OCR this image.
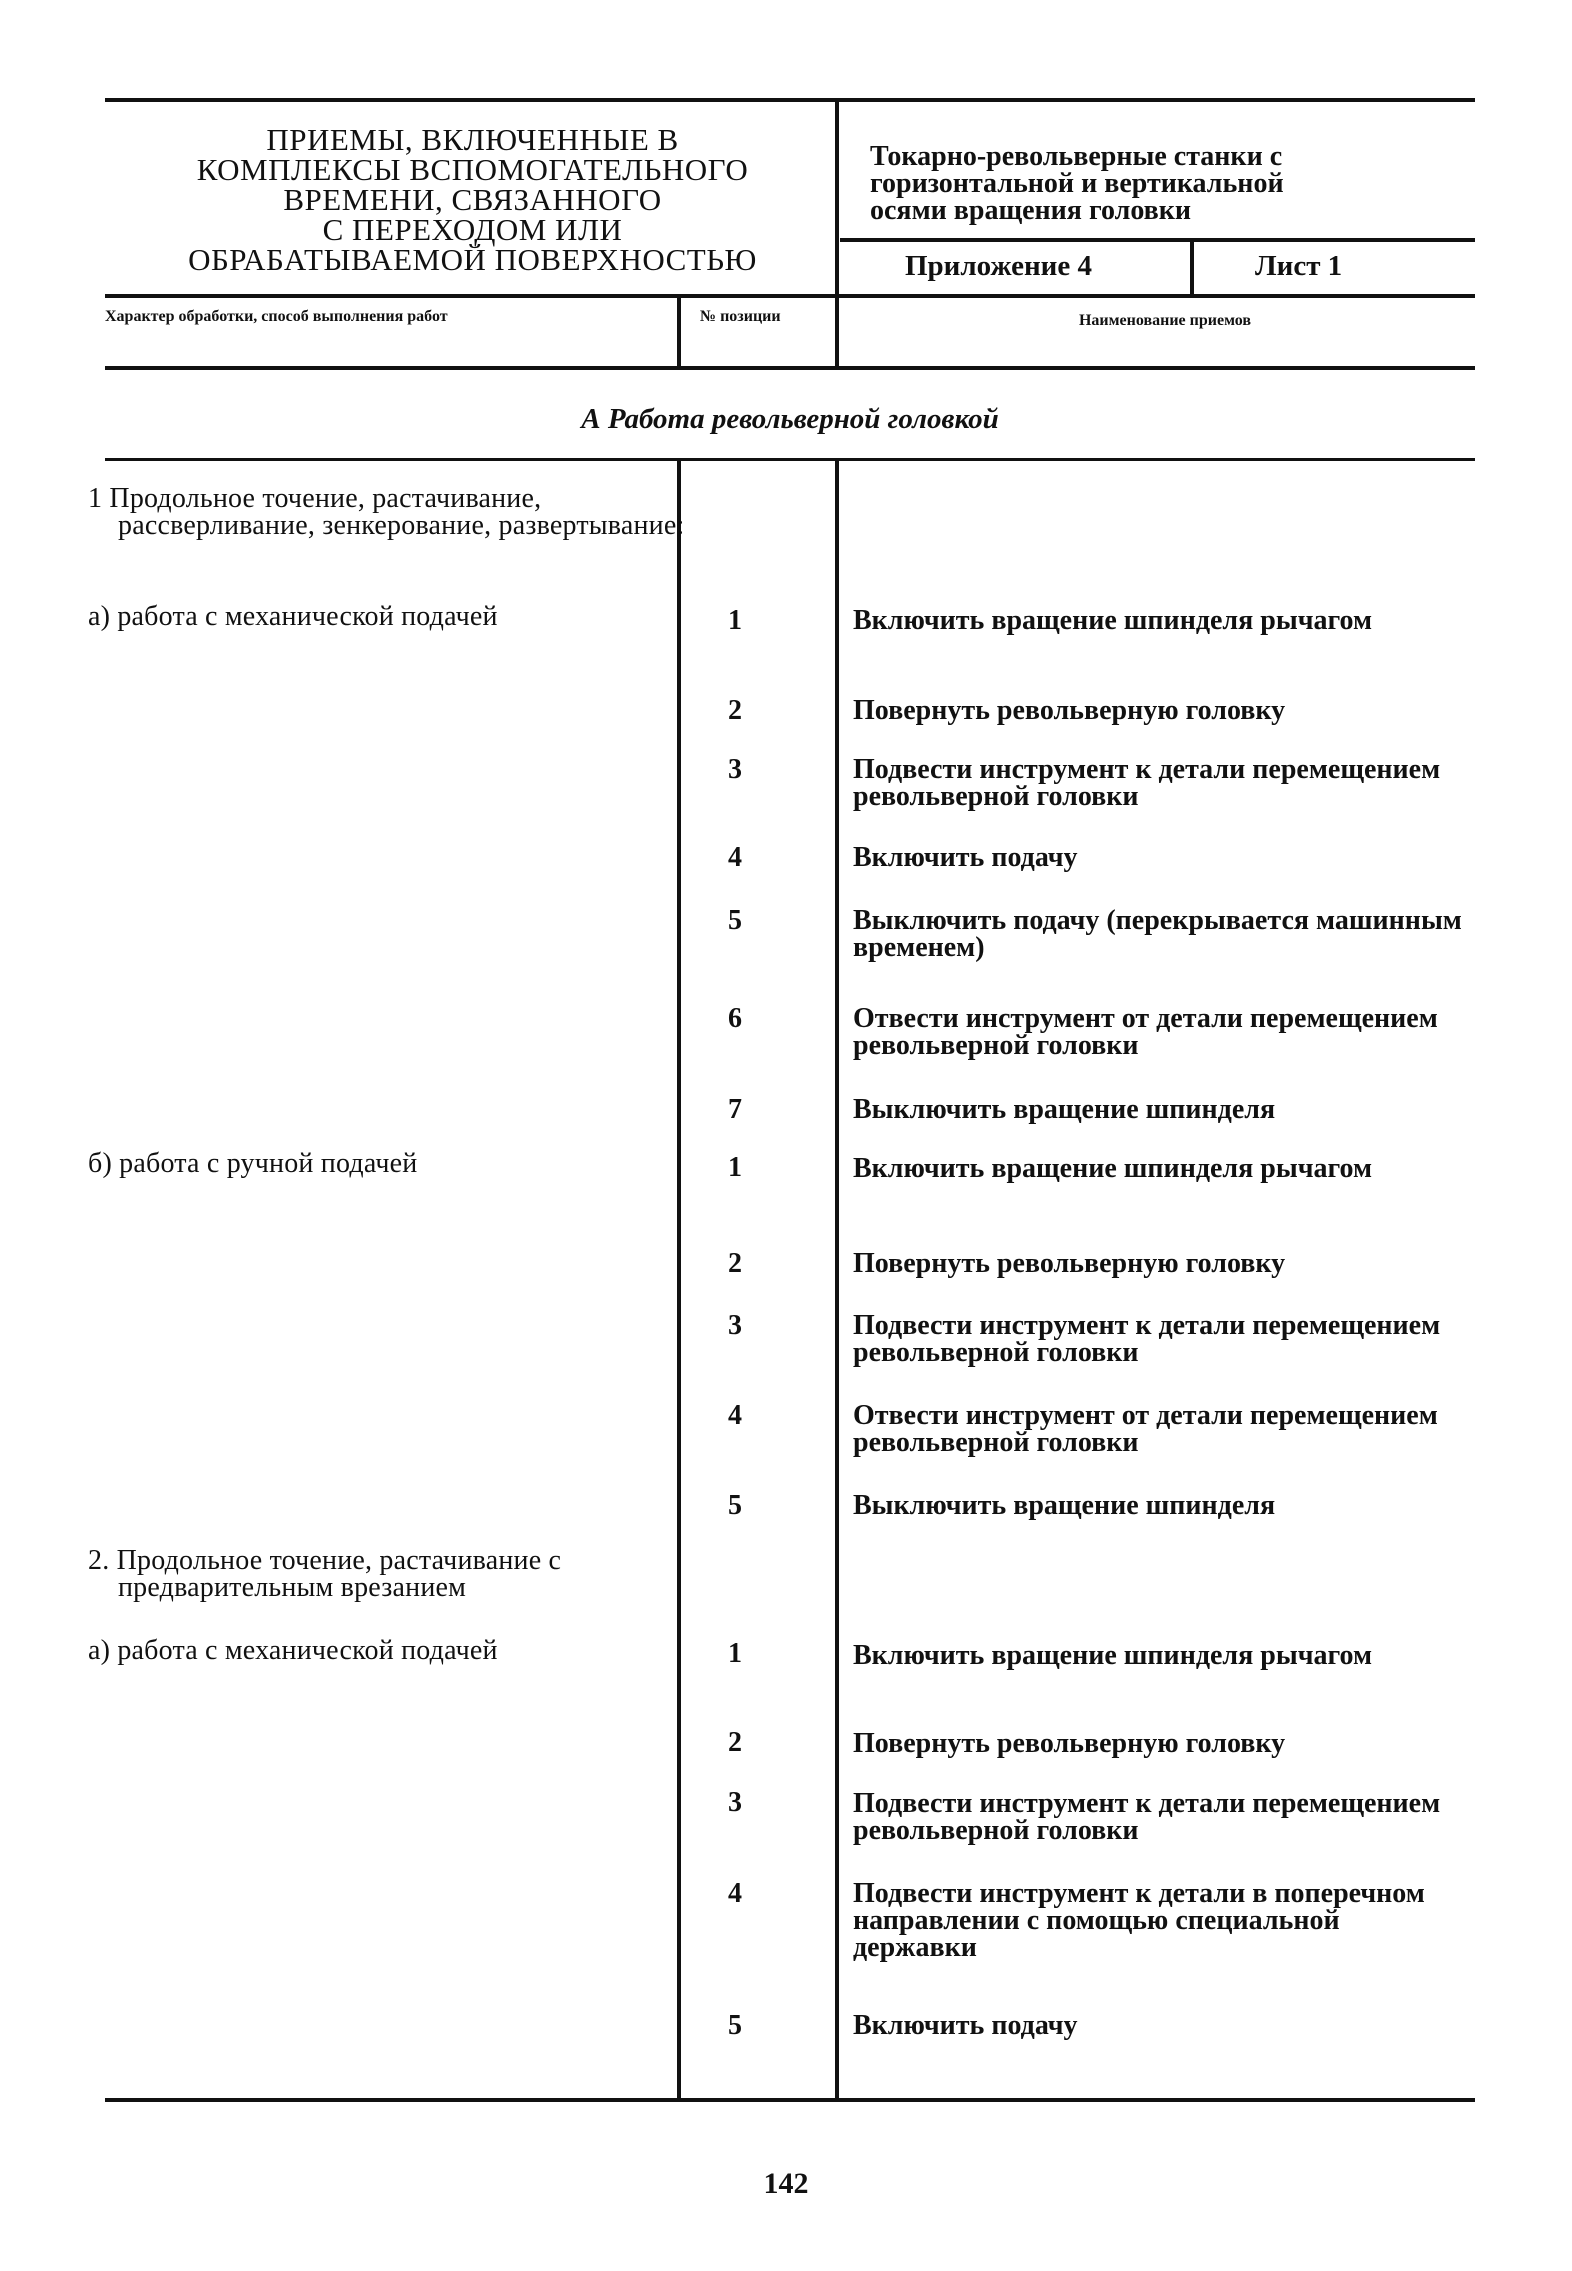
ПРИЕМЫ, ВКЛЮЧЕННЫЕ В
КОМПЛЕКСЫ ВСПОМОГАТЕЛЬНОГО
ВРЕМЕНИ, СВЯЗАННОГО
С ПЕРЕХОДОМ ИЛИ
ОБРАБАТЫВАЕМОЙ ПОВЕРХНОСТЬЮ
Токарно-револьверные станки с
горизонтальной и вертикальной
осями вращения головки
Приложение 4	Лист 1
Характер обработки, способ выполнения работ	№ позиции	Наименование приемов
А Работа револьверной головкой
1 Продольное точение, растачивание, рассверливание, зенкерование, развертывание:
а) работа с механической подачей	1	Включить вращение шпинделя рычагом
2	Повернуть револьверную головку
3	Подвести инструмент к детали перемещением револьверной головки
4	Включить подачу
5	Выключить подачу (перекрывается машинным временем)
6	Отвести инструмент от детали перемещением револьверной головки
7	Выключить вращение шпинделя
б) работа с ручной подачей	1	Включить вращение шпинделя рычагом
2	Повернуть револьверную головку
3	Подвести инструмент к детали перемещением револьверной головки
4	Отвести инструмент от детали перемещением револьверной головки
5	Выключить вращение шпинделя
2. Продольное точение, растачивание с предварительным врезанием
а) работа с механической подачей	1	Включить вращение шпинделя рычагом
2	Повернуть револьверную головку
3	Подвести инструмент к детали перемещением револьверной головки
4	Подвести инструмент к детали в поперечном направлении с помощью специальной державки
5	Включить подачу
142
